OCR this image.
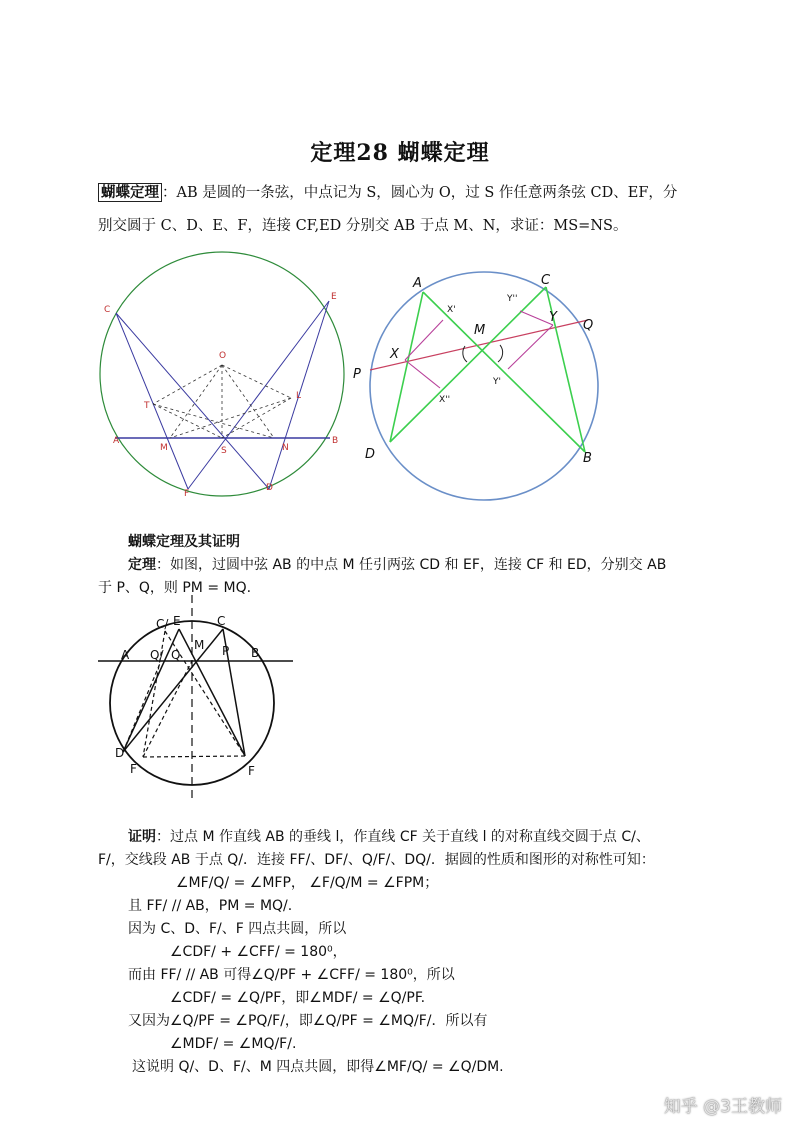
定理28 蝴蝶定理
蝴蝶定理 ：AB 是圆的一条弦，中点记为 S，圆心为 O，过 S 作任意两条弦 CD、EF，分
别交圆于 C、D、E、F，连接 CF,ED 分别交 AB 于点 M、N，求证：MS=NS。
C
E
O
T
L
A
M	S	N
B
F
D
A	C
Q
X
M
Y
P
D	B
X'
X''
Y'
Y''
蝴蝶定理及其证明
定理：如图，过圆中弦 AB 的中点 M 任引两弦 CD 和 EF，连接 CF 和 ED，分别交 AB
于 P、Q，则 PM = MQ.
C/ E	C
M
A Q/ Q	P B
D
F	F
证明：过点 M 作直线 AB 的垂线 l，作直线 CF 关于直线 l 的对称直线交圆于点 C/、
F/，交线段 AB 于点 Q/．连接 FF/、DF/、Q/F/、DQ/．据圆的性质和图形的对称性可知：
∠MF/Q/ = ∠MFP， ∠F/Q/M = ∠FPM；
且 FF/ // AB，PM = MQ/.
因为 C、D、F/、F 四点共圆，所以
∠CDF/ + ∠CFF/ = 180⁰，
而由 FF/ // AB 可得∠Q/PF + ∠CFF/ = 180⁰，所以
∠CDF/ = ∠Q/PF，即∠MDF/ = ∠Q/PF.
又因为∠Q/PF = ∠PQ/F/，即∠Q/PF = ∠MQ/F/．所以有
∠MDF/ = ∠MQ/F/.
这说明 Q/、D、F/、M 四点共圆，即得∠MF/Q/ = ∠Q/DM.
知乎 @3王教师
